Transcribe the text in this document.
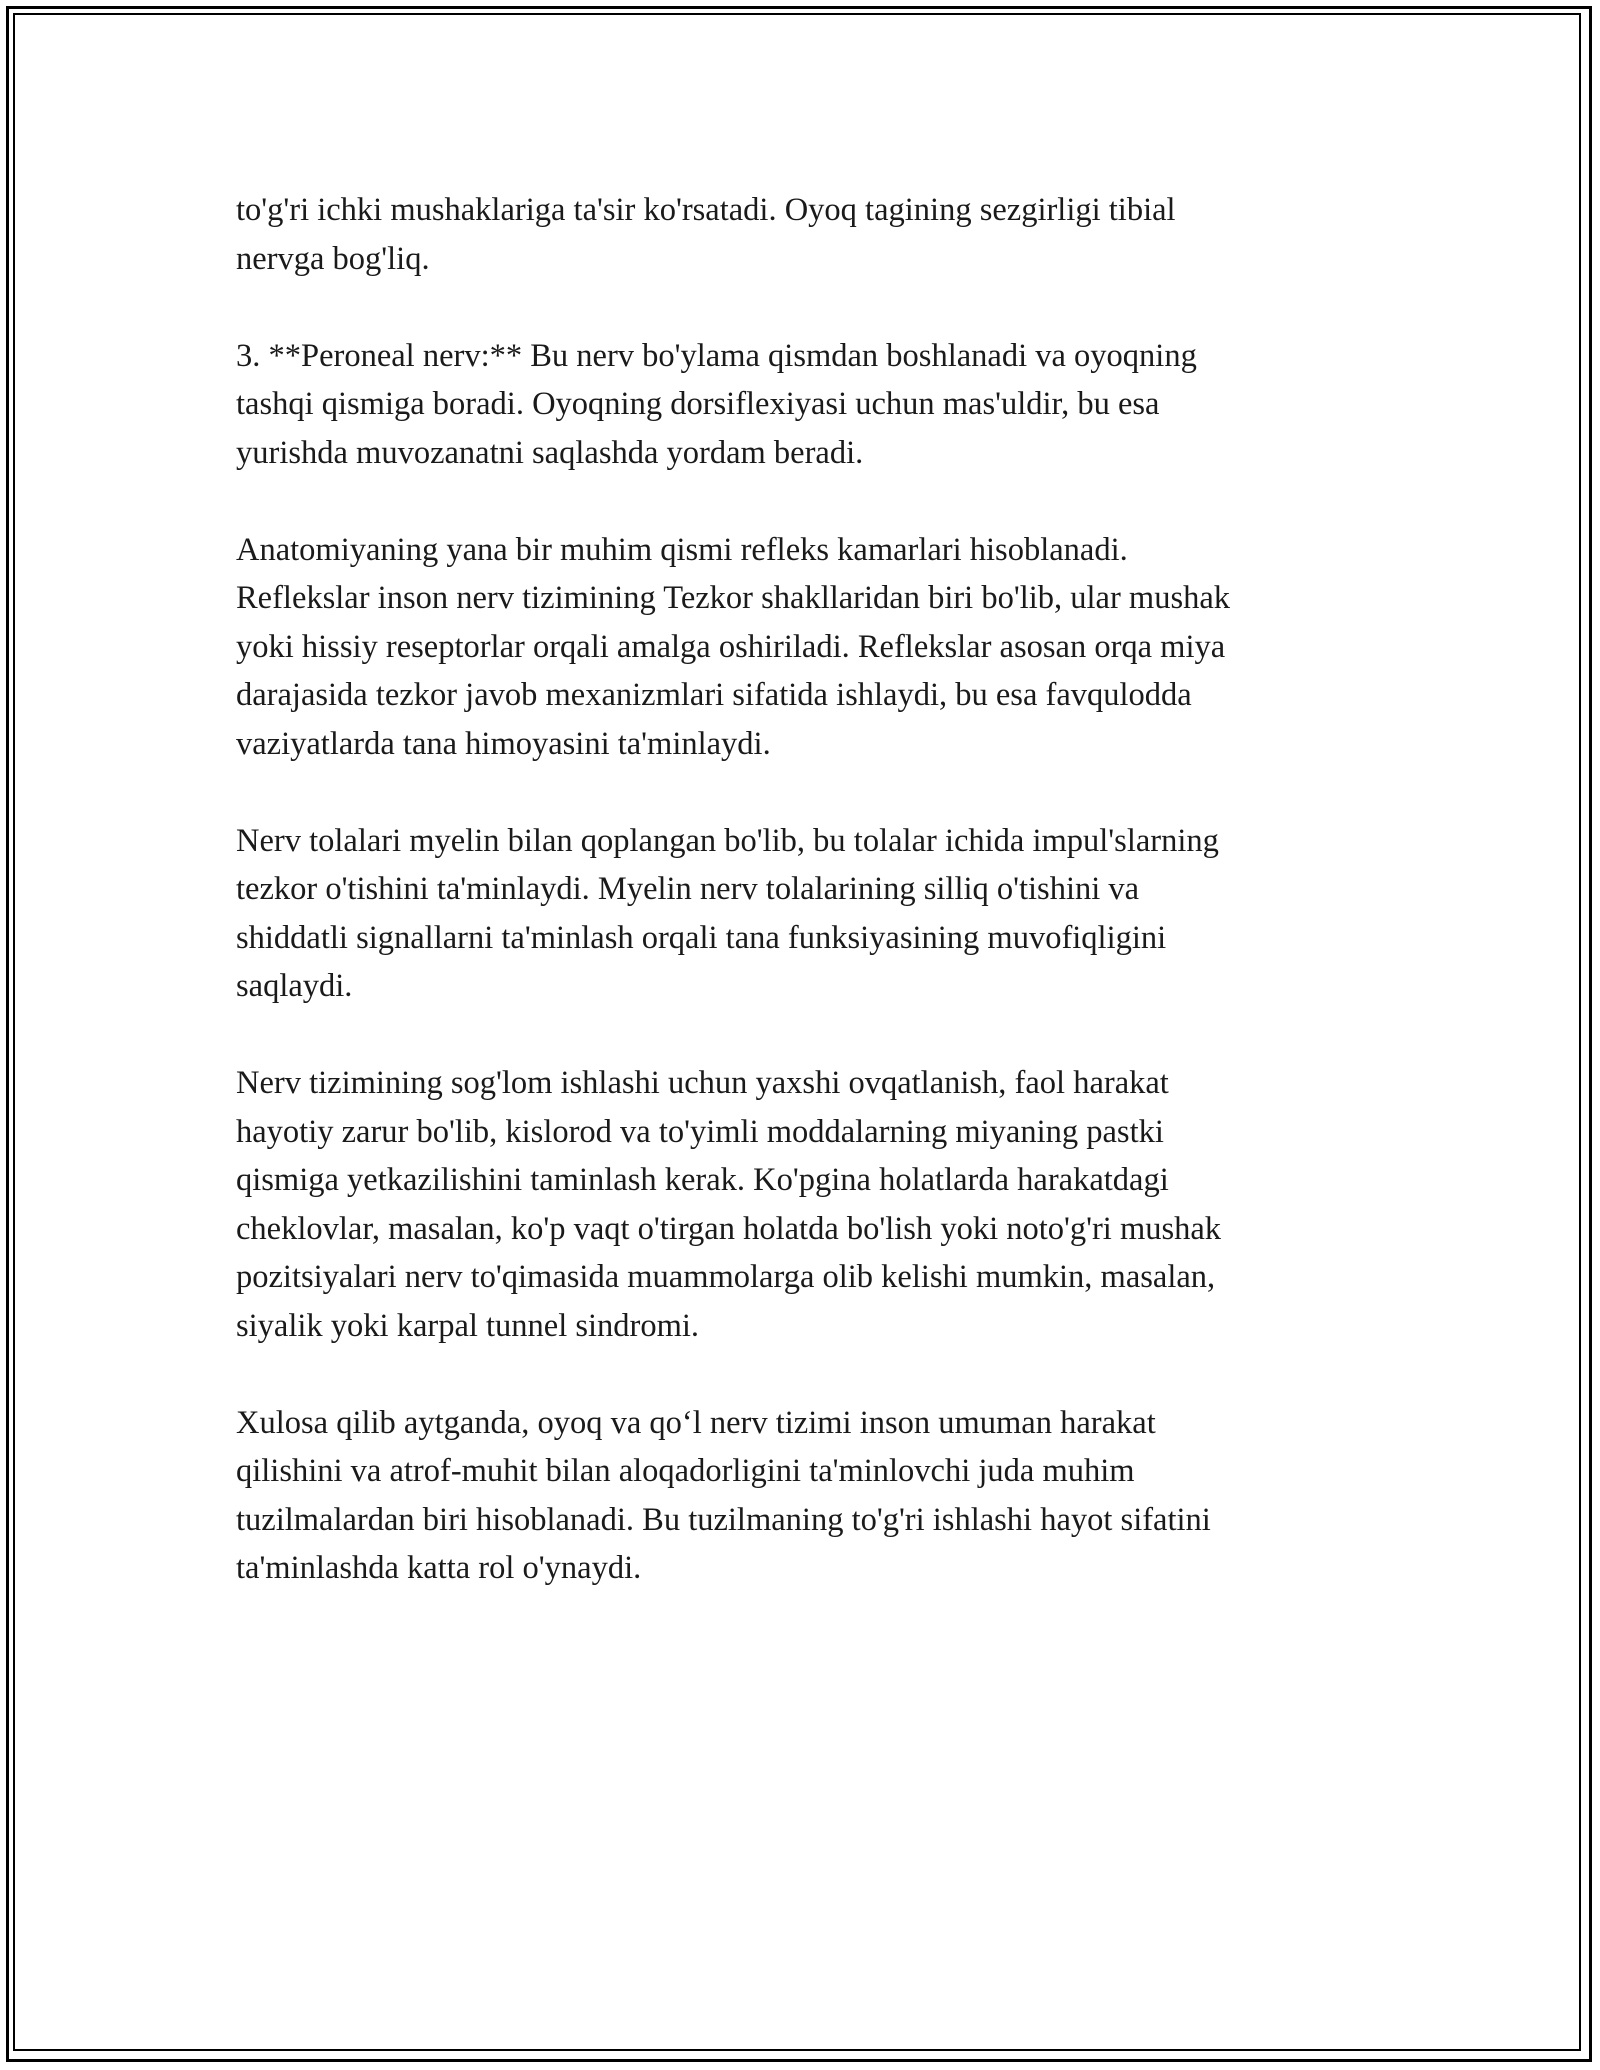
to'g'ri ichki mushaklariga ta'sir ko'rsatadi. Oyoq tagining sezgirligi tibial
nervga bog'liq.

3. **Peroneal nerv:** Bu nerv bo'ylama qismdan boshlanadi va oyoqning
tashqi qismiga boradi. Oyoqning dorsiflexiyasi uchun mas'uldir, bu esa
yurishda muvozanatni saqlashda yordam beradi.

Anatomiyaning yana bir muhim qismi refleks kamarlari hisoblanadi.
Reflekslar inson nerv tizimining Tezkor shakllaridan biri bo'lib, ular mushak
yoki hissiy reseptorlar orqali amalga oshiriladi. Reflekslar asosan orqa miya
darajasida tezkor javob mexanizmlari sifatida ishlaydi, bu esa favqulodda
vaziyatlarda tana himoyasini ta'minlaydi.

Nerv tolalari myelin bilan qoplangan bo'lib, bu tolalar ichida impul'slarning
tezkor o'tishini ta'minlaydi. Myelin nerv tolalarining silliq o'tishini va
shiddatli signallarni ta'minlash orqali tana funksiyasining muvofiqligini
saqlaydi.

Nerv tizimining sog'lom ishlashi uchun yaxshi ovqatlanish, faol harakat
hayotiy zarur bo'lib, kislorod va to'yimli moddalarning miyaning pastki
qismiga yetkazilishini taminlash kerak. Ko'pgina holatlarda harakatdagi
cheklovlar, masalan, ko'p vaqt o'tirgan holatda bo'lish yoki noto'g'ri mushak
pozitsiyalari nerv to'qimasida muammolarga olib kelishi mumkin, masalan,
siyalik yoki karpal tunnel sindromi.

Xulosa qilib aytganda, oyoq va qo‘l nerv tizimi inson umuman harakat
qilishini va atrof-muhit bilan aloqadorligini ta'minlovchi juda muhim
tuzilmalardan biri hisoblanadi. Bu tuzilmaning to'g'ri ishlashi hayot sifatini
ta'minlashda katta rol o'ynaydi.
